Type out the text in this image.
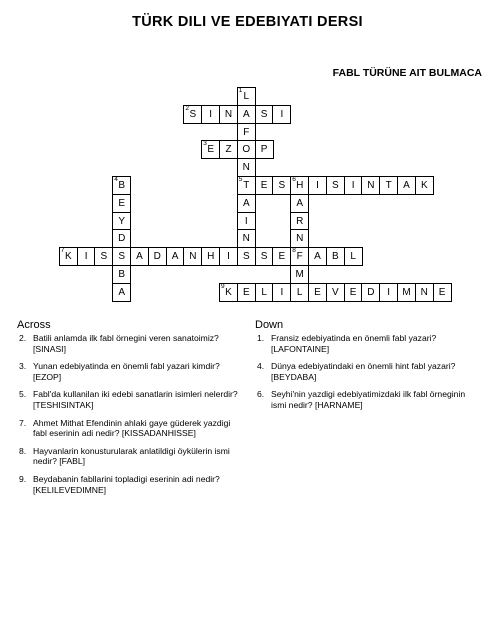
TÜRK DILI VE EDEBIYATI DERSI
FABL TÜRÜNE AIT BULMACA
1
L
2
S	I	N	A	S	I
F
3
E	Z	O	P
N
4
B
5
T	E	S
6
H	I	S	I	N	T	A	K
E	A	A
Y	I	R
D	N	N
7
K	I	S	S	A	D	A	N	H	I	S	S	E
8
F	A	B	L
B	M
A
9
K	E	L	I	L	E	V	E	D	I	M	N	E
Across	Down
2. Batili anlamda ilk fabl örnegini veren sanatoimiz? [SINASI]
3. Yunan edebiyatinda en önemli fabl yazari kimdir? [EZOP]
5. Fabl'da kullanilan iki edebi sanatlarin isimleri nelerdir? [TESHISINTAK]
7. Ahmet Mithat Efendinin ahlaki gaye güderek yazdigi fabl eserinin adi nedir? [KISSADANHISSE]
8. Hayvanlarin konusturularak anlatildigi öykülerin ismi nedir? [FABL]
9. Beydabanin fabllarini topladigi eserinin adi nedir? [KELILEVEDIMNE]
1. Fransiz edebiyatinda en önemli fabl yazari? [LAFONTAINE]
4. Dünya edebiyatindaki en önemli hint fabl yazari? [BEYDABA]
6. Seyhi'nin yazdigi edebiyatimizdaki ilk fabl örneginin ismi nedir? [HARNAME]
